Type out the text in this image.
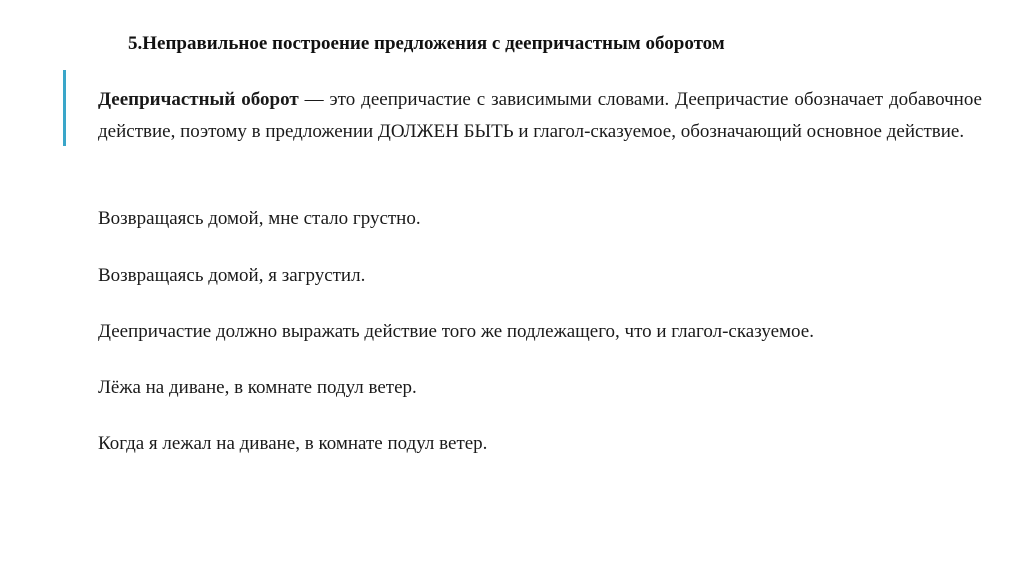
5.Неправильное построение предложения с деепричастным оборотом
Деепричастный оборот — это деепричастие с зависимыми словами. Деепричастие обозначает добавочное действие, поэтому в предложении ДОЛЖЕН БЫТЬ и глагол-сказуемое, обозначающий основное действие.
Возвращаясь домой, мне стало грустно.
Возвращаясь домой, я загрустил.
Деепричастие должно выражать действие того же подлежащего, что и глагол-сказуемое.
Лёжа на диване, в комнате подул ветер.
Когда я лежал на диване, в комнате подул ветер.
